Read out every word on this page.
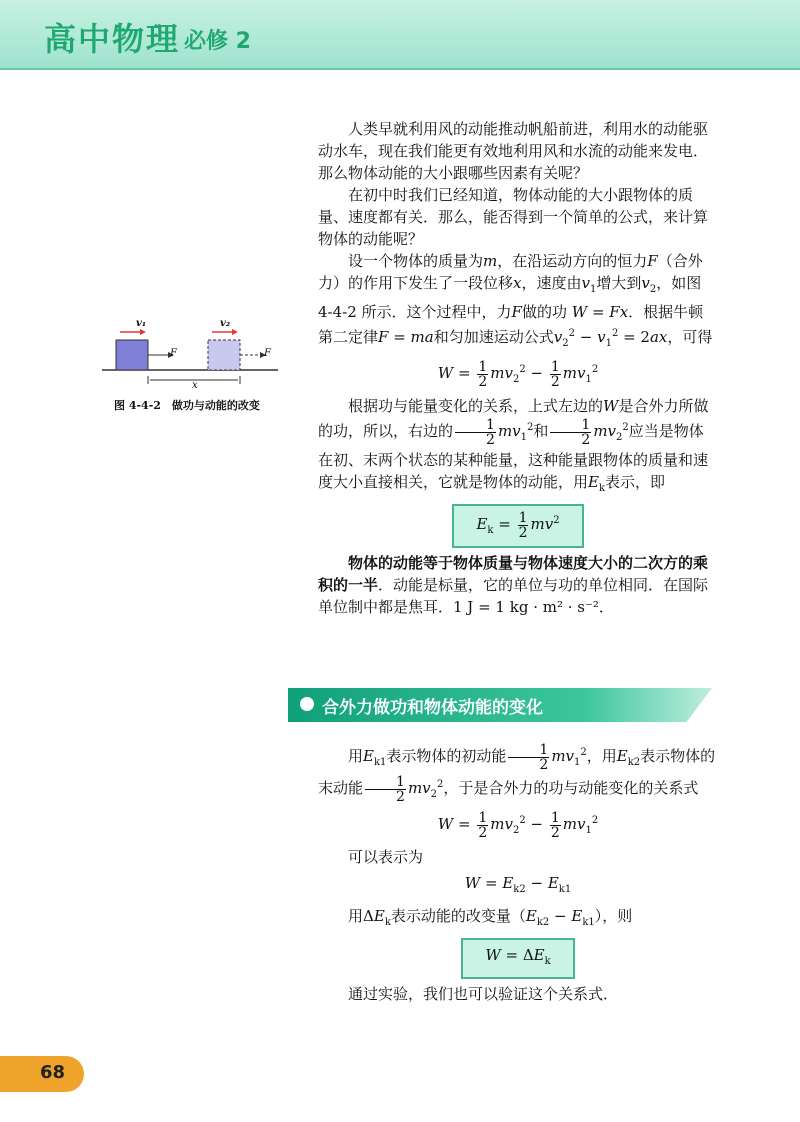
高中物理 必修 2
v₁	v₂
F	F
x
图 4-4-2　做功与动能的改变

人类早就利用风的动能推动帆船前进，利用水的动能驱动水车，现在我们能更有效地利用风和水流的动能来发电．那么物体动能的大小跟哪些因素有关呢？

在初中时我们已经知道，物体动能的大小跟物体的质量、速度都有关．那么，能否得到一个简单的公式，来计算物体的动能呢？

设一个物体的质量为m，在沿运动方向的恒力F（合外力）的作用下发生了一段位移x，速度由$v_1$增大到$v_2$，如图 4-4-2 所示．这个过程中，力F做的功 W = Fx．根据牛顿第二定律F = ma和匀加速运动公式$v_2^2 - v_1^2 = 2ax$，可得

$W = \frac{1}{2} mv_2^2 - \frac{1}{2} mv_1^2$

根据功与能量变化的关系，上式左边的W是合外力所做的功，所以，右边的 $\frac{1}{2} mv_1^2$和 $\frac{1}{2} mv_2^2$应当是物体在初、末两个状态的某种能量，这种能量跟物体的质量和速度大小直接相关，它就是物体的动能，用$E_k$表示，即

$E_k = \frac{1}{2} mv^2$

物体的动能等于物体质量与物体速度大小的二次方的乘积的一半．动能是标量，它的单位与功的单位相同．在国际单位制中都是焦耳．1 J = 1 kg · m² · s⁻²．

合外力做功和物体动能的变化

用$E_{k1}$表示物体的初动能 $\frac{1}{2} mv_1^2$，用$E_{k2}$表示物体的末动能 $\frac{1}{2} mv_2^2$，于是合外力的功与动能变化的关系式

$W = \frac{1}{2} mv_2^2 - \frac{1}{2} mv_1^2$

可以表示为

$W = E_{k2} - E_{k1}$

用$\Delta E_k$表示动能的改变量$(E_{k2} - E_{k1})$，则

$W = \Delta E_k$

通过实验，我们也可以验证这个关系式．

68
